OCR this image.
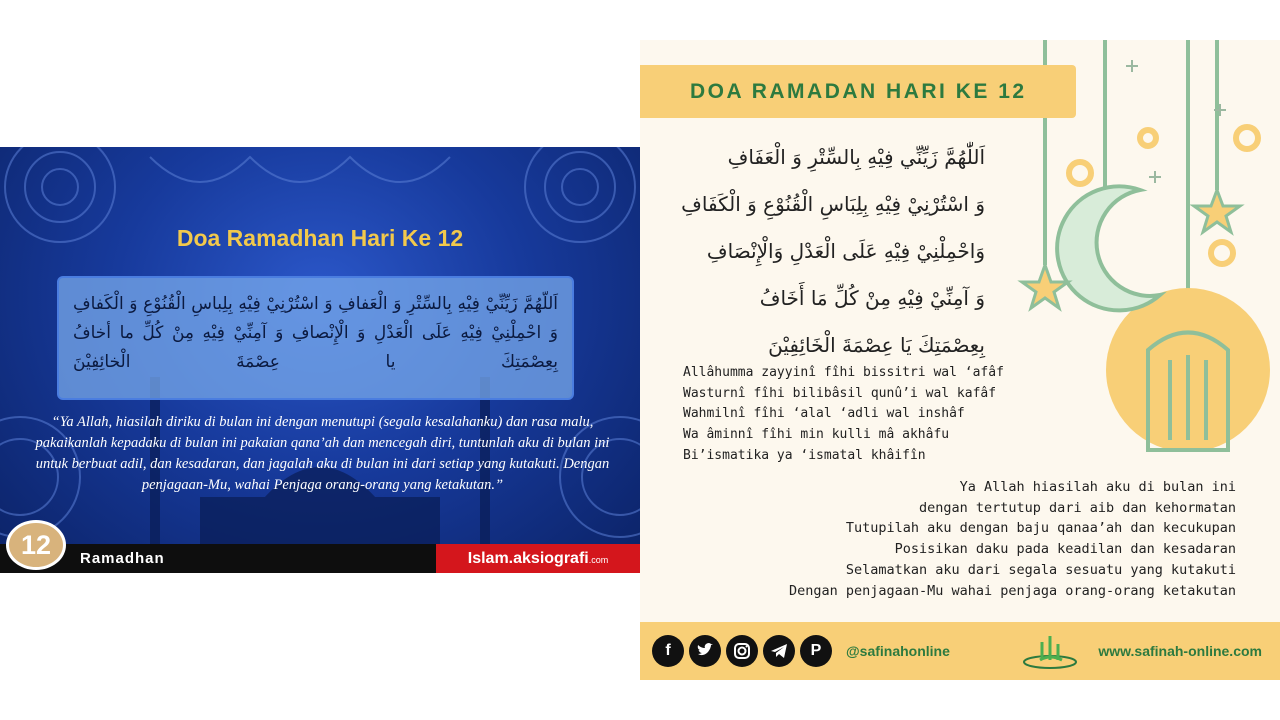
Doa Ramadhan Hari Ke 12

اَللّهُمَّ زَيِّنِّيْ فِيْهِ بِالسِّتْرِ وَ الْعَفافِ وَ اسْتُرْنِيْ فِيْهِ بِلِباسِ الْقُنُوْعِ وَ الْكَفافِ وَ احْمِلْنِيْ فِيْهِ عَلَى الْعَدْلِ وَ الْإِنْصافِ وَ آمِنِّيْ فِيْهِ مِنْ كُلِّ ما أخافُ بِعِصْمَتِكَ يا عِصْمَةَ الْخائِفِيْنَ

“Ya Allah, hiasilah diriku di bulan ini dengan menutupi (segala kesalahanku) dan rasa malu, pakaikanlah kepadaku di bulan ini pakaian qana’ah dan mencegah diri, tuntunlah aku di bulan ini untuk berbuat adil, dan kesadaran, dan jagalah aku di bulan ini dari setiap yang kutakuti. Dengan penjagaan-Mu, wahai Penjaga orang-orang yang ketakutan.”
Ramadhan	Islam.aksiografi.com
12
DOA RAMADAN HARI KE 12
اَللّٰهُمَّ زَيِّنِّي فِيْهِ بِالسِّتْرِ وَ الْعَفَافِ
وَ اسْتُرْنِيْ فِيْهِ بِلِبَاسِ الْقُنُوْعِ وَ الْكَفَافِ
وَاحْمِلْنِيْ فِيْهِ عَلَى الْعَدْلِ وَالْإِنْصَافِ
وَ آمِنِّيْ فِيْهِ مِنْ كُلِّ مَا أَخَافُ
بِعِصْمَتِكَ يَا عِصْمَةَ الْخَائِفِيْنَ
Allâhumma zayyinî fîhi bissitri wal ‘afâf
Wasturnî fîhi bilibâsil qunû’i wal kafâf
Wahmilnî fîhi ‘alal ‘adli wal inshâf
Wa âminnî fîhi min kulli mâ akhâfu
Bi’ismatika ya ‘ismatal khâifîn
Ya Allah hiasilah aku di bulan ini
dengan tertutup dari aib dan kehormatan
Tutupilah aku dengan baju qanaa’ah dan kecukupan
Posisikan daku pada keadilan dan kesadaran
Selamatkan aku dari segala sesuatu yang kutakuti
Dengan penjagaan-Mu wahai penjaga orang-orang ketakutan
f	P	@safinahonline	www.safinah-online.com
